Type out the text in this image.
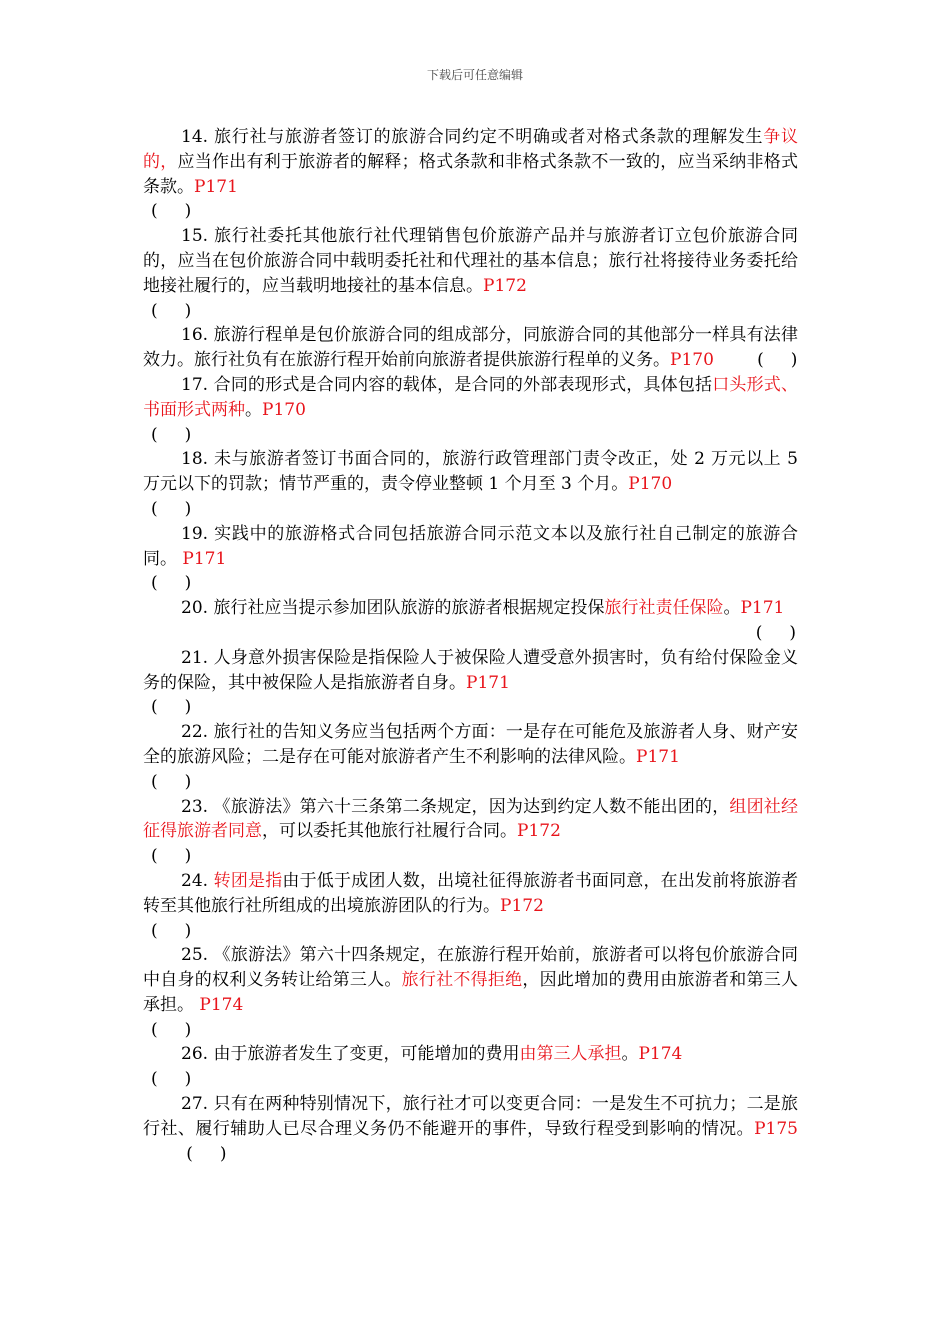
下载后可任意编辑

14. 旅行社与旅游者签订的旅游合同约定不明确或者对格式条款的理解发生争议的，应当作出有利于旅游者的解释；格式条款和非格式条款不一致的，应当采纳非格式条款。P171

(     )

15. 旅行社委托其他旅行社代理销售包价旅游产品并与旅游者订立包价旅游合同的，应当在包价旅游合同中载明委托社和代理社的基本信息；旅行社将接待业务委托给地接社履行的，应当载明地接社的基本信息。P172

(     )

16. 旅游行程单是包价旅游合同的组成部分，同旅游合同的其他部分一样具有法律效力。旅行社负有在旅游行程开始前向旅游者提供旅游行程单的义务。P170        (     )

17. 合同的形式是合同内容的载体，是合同的外部表现形式，具体包括口头形式、书面形式两种。P170

(     )

18. 未与旅游者签订书面合同的，旅游行政管理部门责令改正，处 2 万元以上 5 万元以下的罚款；情节严重的，责令停业整顿 1 个月至 3 个月。P170

(     )

19. 实践中的旅游格式合同包括旅游合同示范文本以及旅行社自己制定的旅游合同。 P171

(     )

20. 旅行社应当提示参加团队旅游的旅游者根据规定投保旅行社责任保险。P171

(     )

21. 人身意外损害保险是指保险人于被保险人遭受意外损害时，负有给付保险金义务的保险，其中被保险人是指旅游者自身。P171

(     )

22. 旅行社的告知义务应当包括两个方面：一是存在可能危及旅游者人身、财产安全的旅游风险；二是存在可能对旅游者产生不利影响的法律风险。P171

(     )

23. 《旅游法》第六十三条第二条规定，因为达到约定人数不能出团的，组团社经征得旅游者同意，可以委托其他旅行社履行合同。P172

(     )

24. 转团是指由于低于成团人数，出境社征得旅游者书面同意，在出发前将旅游者转至其他旅行社所组成的出境旅游团队的行为。P172

(     )

25. 《旅游法》第六十四条规定，在旅游行程开始前，旅游者可以将包价旅游合同中自身的权利义务转让给第三人。旅行社不得拒绝，因此增加的费用由旅游者和第三人承担。 P174

(     )

26. 由于旅游者发生了变更，可能增加的费用由第三人承担。P174

(     )

27. 只有在两种特别情况下，旅行社才可以变更合同：一是发生不可抗力；二是旅行社、履行辅助人已尽合理义务仍不能避开的事件，导致行程受到影响的情况。P175        (     )
